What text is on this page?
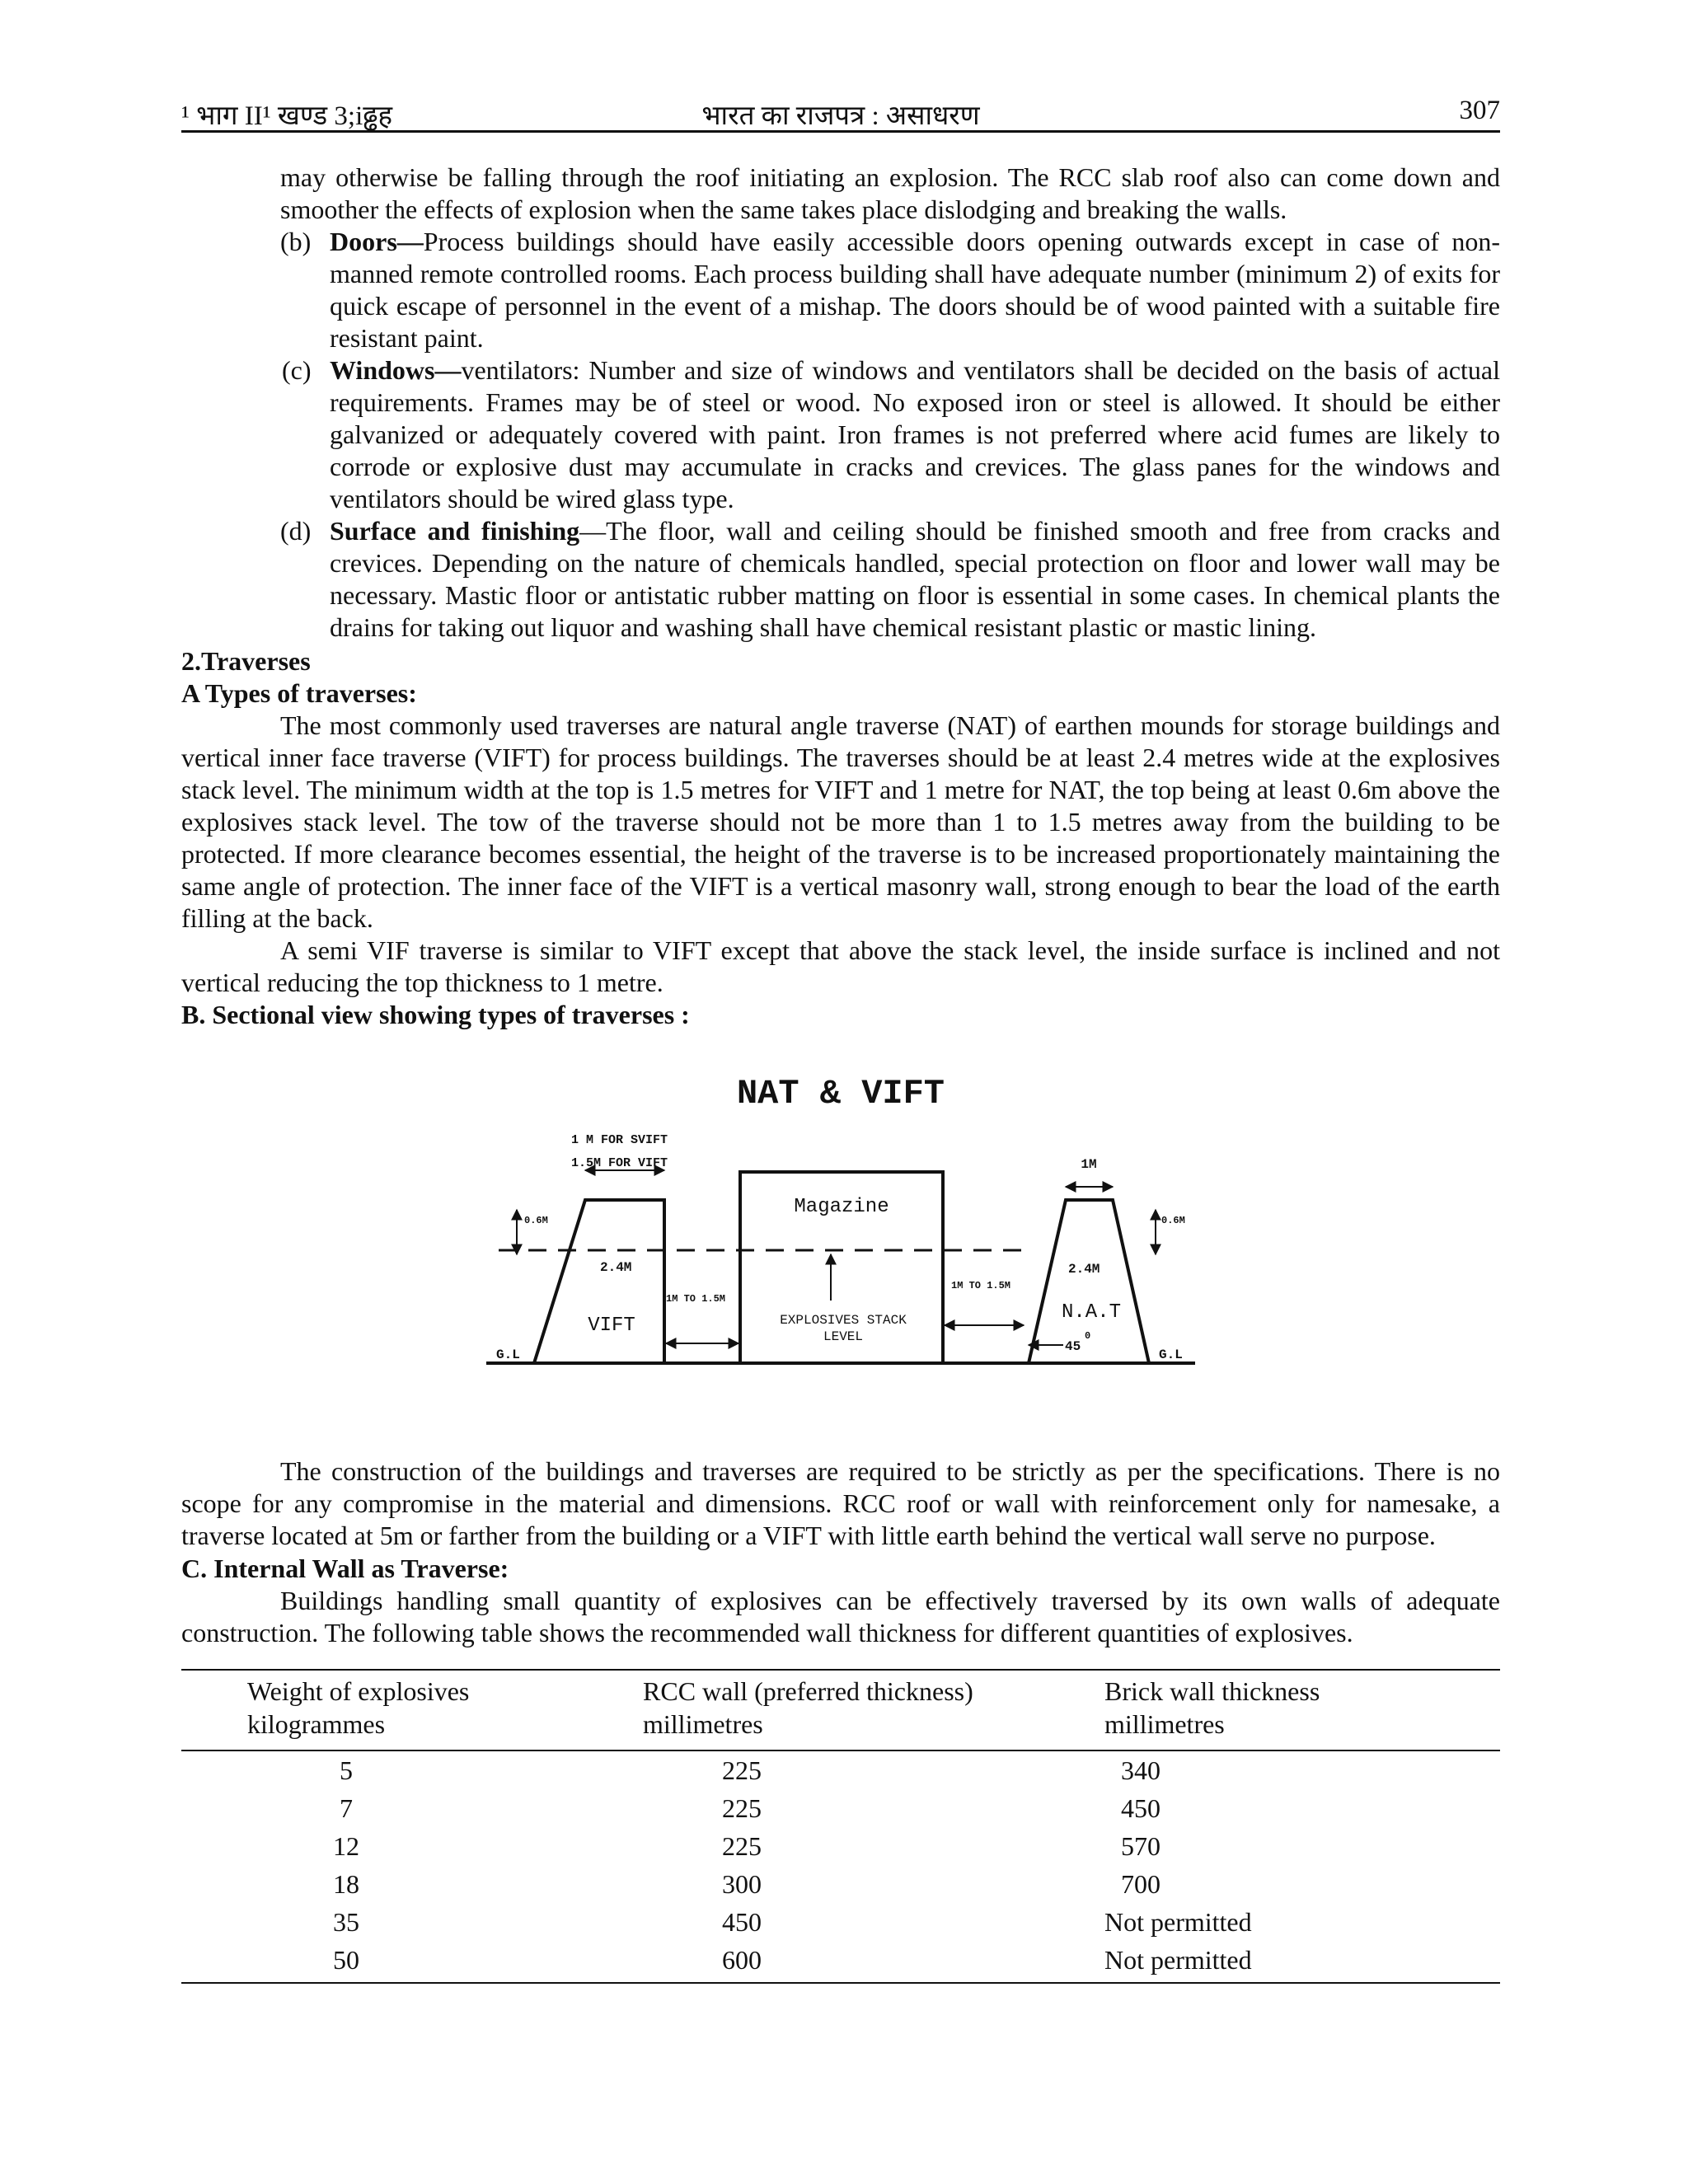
¹ भाग II¹ खण्ड 3;iढ्ढह	भारत का राजपत्र : असाधरण	307
may otherwise be falling through the roof initiating an explosion. The RCC slab roof also can come down and smoother the effects of explosion when the same takes place dislodging and breaking the walls.
(b) Doors—Process buildings should have easily accessible doors opening outwards except in case of non-manned remote controlled rooms. Each process building shall have adequate number (minimum 2) of exits for quick escape of personnel in the event of a mishap. The doors should be of wood painted with a suitable fire resistant paint.
(c) Windows—ventilators: Number and size of windows and ventilators shall be decided on the basis of actual requirements. Frames may be of steel or wood. No exposed iron or steel is allowed. It should be either galvanized or adequately covered with paint. Iron frames is not preferred where acid fumes are likely to corrode or explosive dust may accumulate in cracks and crevices. The glass panes for the windows and ventilators should be wired glass type.
(d) Surface and finishing—The floor, wall and ceiling should be finished smooth and free from cracks and crevices. Depending on the nature of chemicals handled, special protection on floor and lower wall may be necessary. Mastic floor or antistatic rubber matting on floor is essential in some cases. In chemical plants the drains for taking out liquor and washing shall have chemical resistant plastic or mastic lining.
2.Traverses
A Types of traverses:
The most commonly used traverses are natural angle traverse (NAT) of earthen mounds for storage buildings and vertical inner face traverse (VIFT) for process buildings. The traverses should be at least 2.4 metres wide at the explosives stack level. The minimum width at the top is 1.5 metres for VIFT and 1 metre for NAT, the top being at least 0.6m above the explosives stack level. The tow of the traverse should not be more than 1 to 1.5 metres away from the building to be protected. If more clearance becomes essential, the height of the traverse is to be increased proportionately maintaining the same angle of protection. The inner face of the VIFT is a vertical masonry wall, strong enough to bear the load of the earth filling at the back.
A semi VIF traverse is similar to VIFT except that above the stack level, the inside surface is inclined and not vertical reducing the top thickness to 1 metre.
B. Sectional view showing types of traverses :
NAT & VIFT
1 M FOR SVIFT
1.5M FOR VIFT	1M
0.6M	0.6M
2.4M	2.4M
1M TO 1.5M
1M TO 1.5M
Magazine
VIFT
N.A.T
EXPLOSIVES STACK
LEVEL
45
0
G.L	G.L
The construction of the buildings and traverses are required to be strictly as per the specifications. There is no scope for any compromise in the material and dimensions. RCC roof or wall with reinforcement only for namesake, a traverse located at 5m or farther from the building or a VIFT with little earth behind the vertical wall serve no purpose.
C. Internal Wall as Traverse:
Buildings handling small quantity of explosives can be effectively traversed by its own walls of adequate construction. The following table shows the recommended wall thickness for different quantities of explosives.
Weight of explosives
kilogrammes
RCC wall (preferred thickness)
millimetres
Brick wall thickness
millimetres
5	225	340
7	225	450
12	225	570
18	300	700
35	450	Not permitted
50	600	Not permitted
